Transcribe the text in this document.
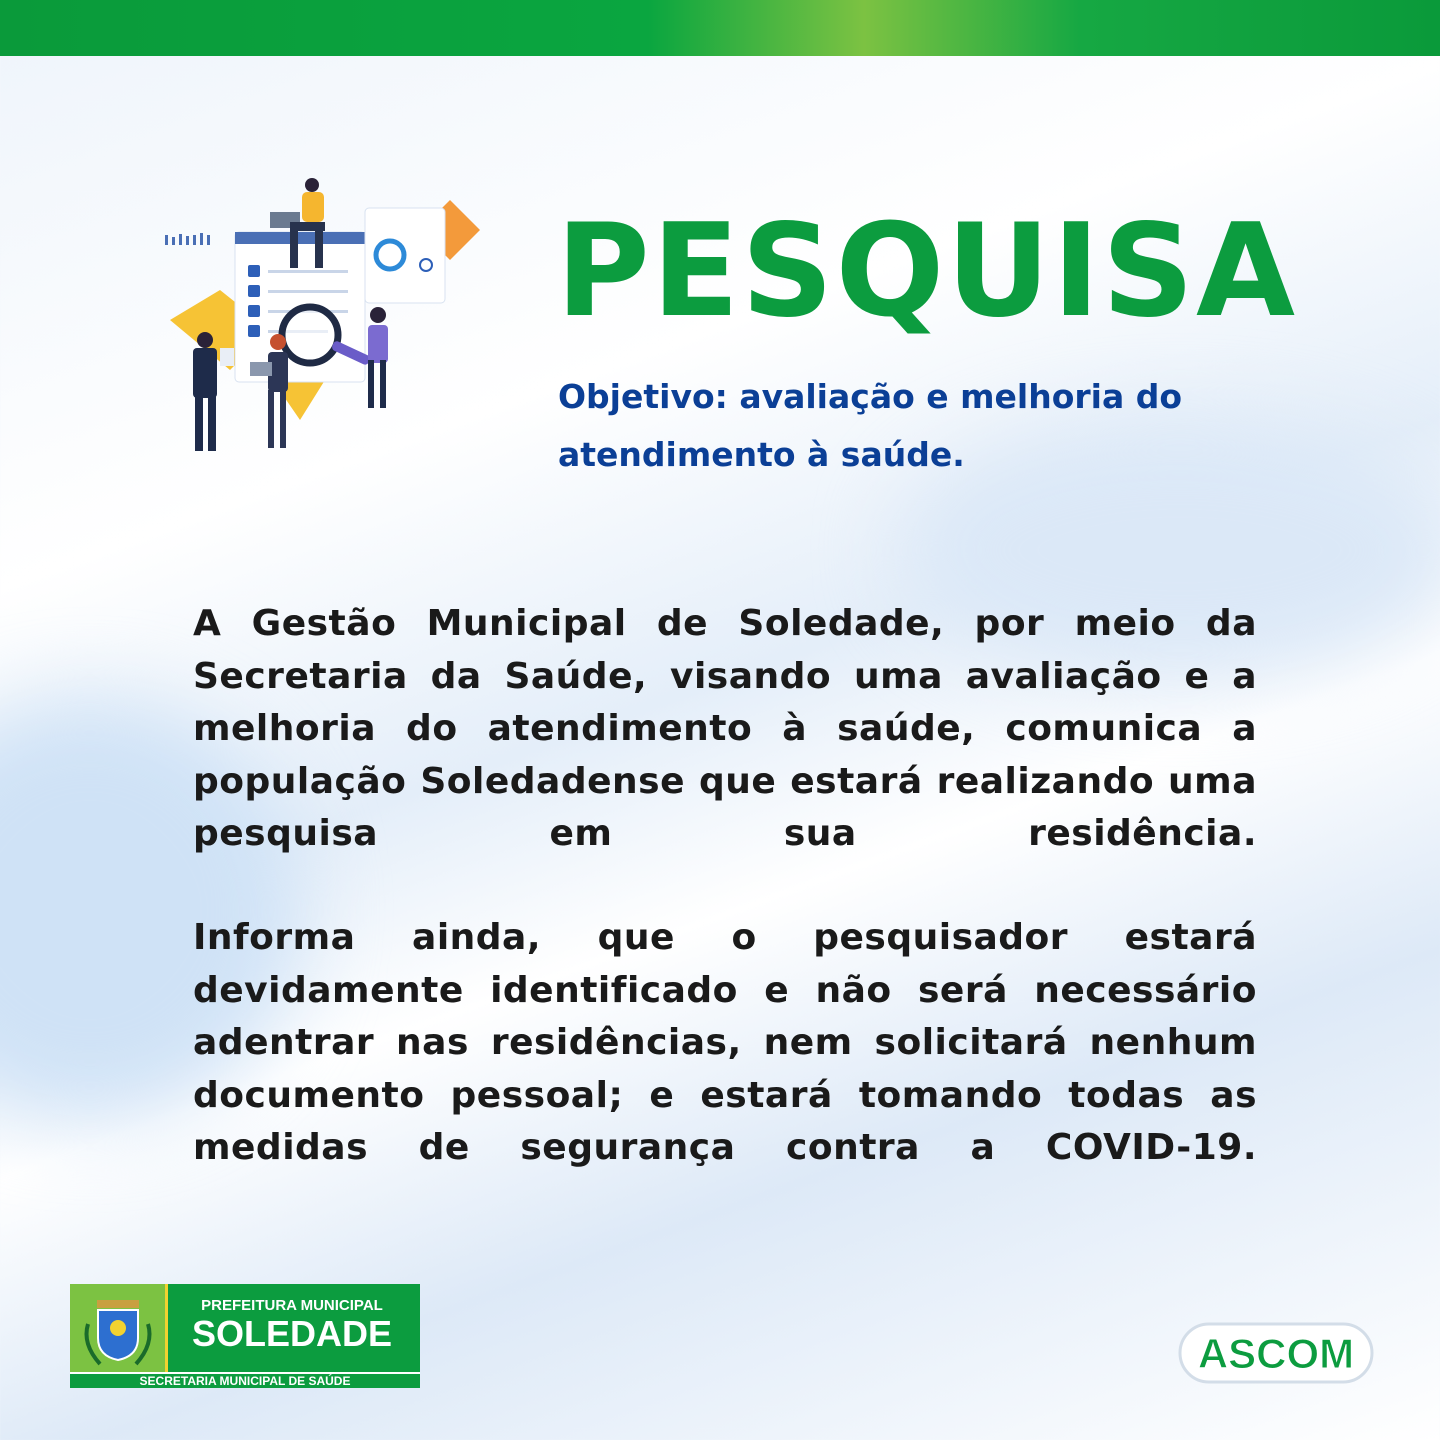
PESQUISA
Objetivo: avaliação e melhoria do atendimento à saúde.
A Gestão Municipal de Soledade, por meio da Secretaria da Saúde, visando uma avaliação e a melhoria do atendimento à saúde, comunica a população Soledadense que estará realizando uma pesquisa em sua residência.
Informa ainda, que o pesquisador estará devidamente identificado e não será necessário adentrar nas residências, nem solicitará nenhum documento pessoal; e estará tomando todas as medidas de segurança contra a COVID-19.
PREFEITURA MUNICIPAL
SOLEDADE
SECRETARIA MUNICIPAL DE SAÚDE
ASCOM
